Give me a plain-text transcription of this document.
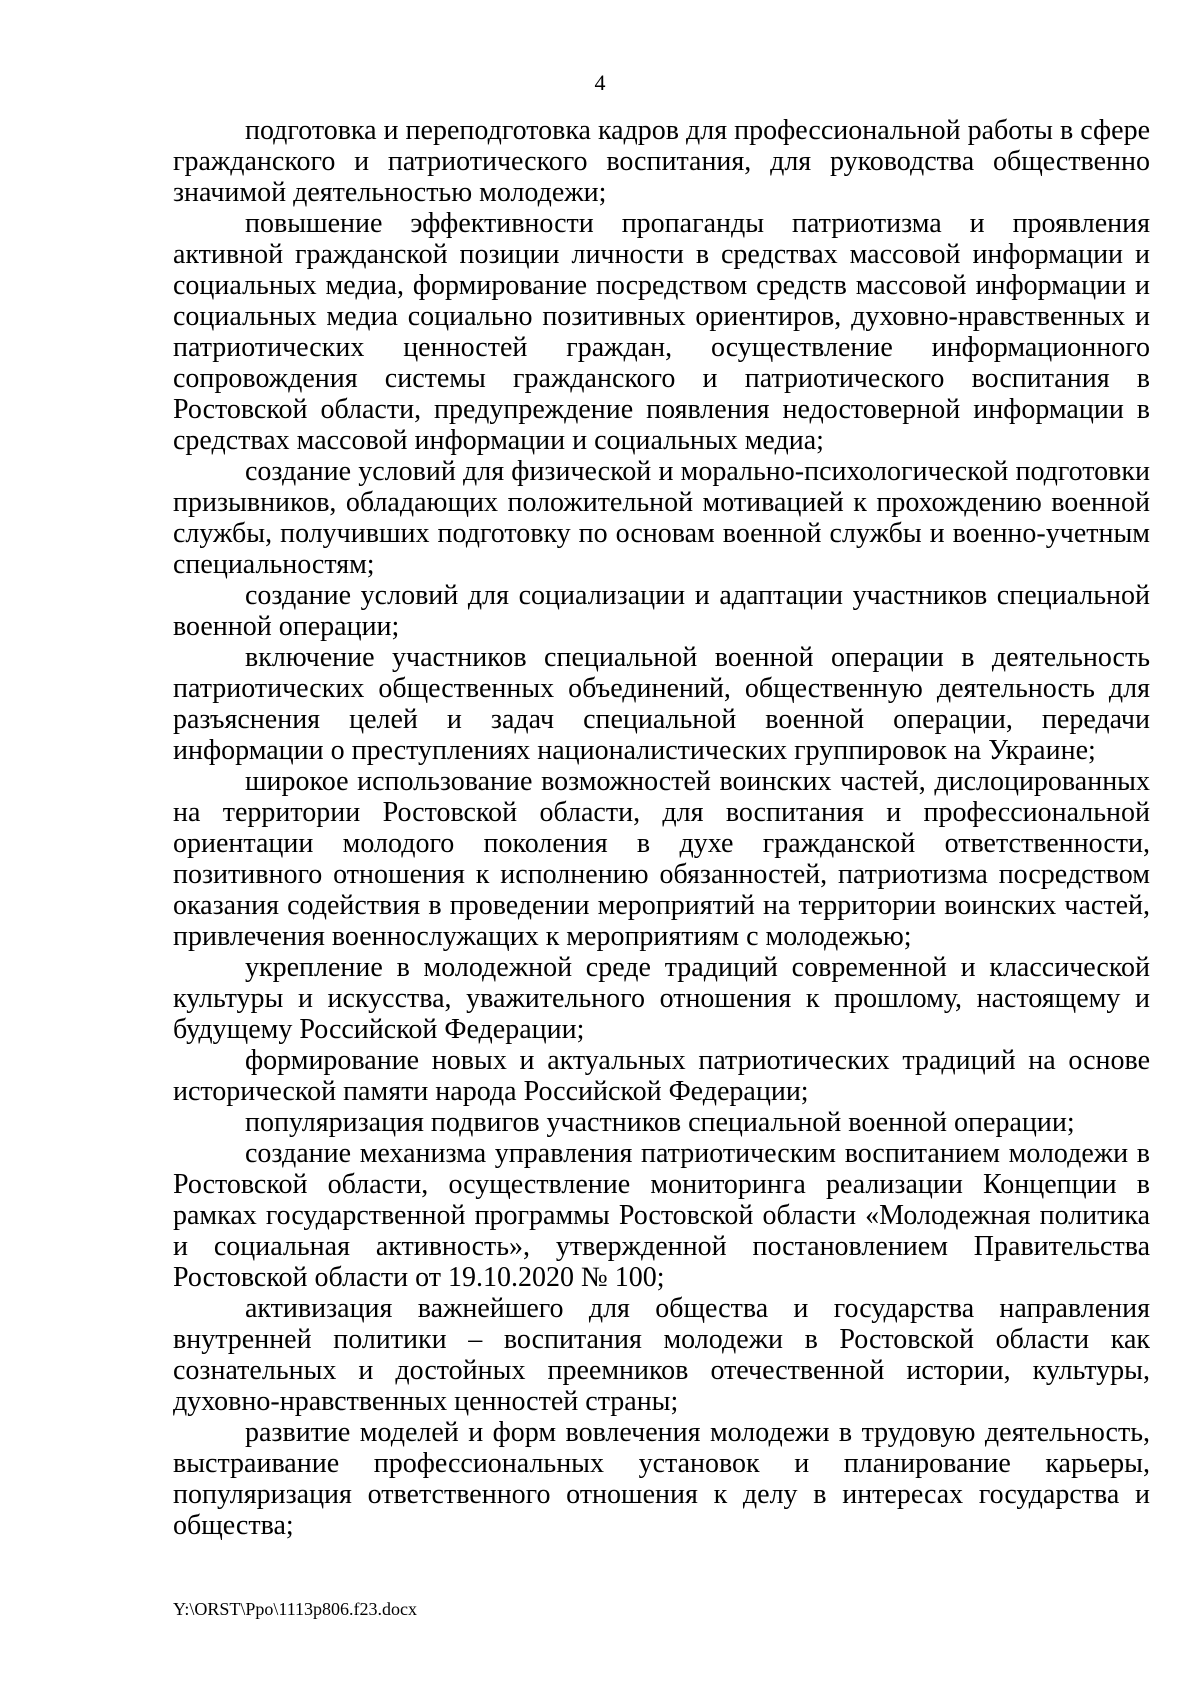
4

подготовка и переподготовка кадров для профессиональной работы в сфере гражданского и патриотического воспитания, для руководства общественно значимой деятельностью молодежи;

повышение эффективности пропаганды патриотизма и проявления активной гражданской позиции личности в средствах массовой информации и социальных медиа, формирование посредством средств массовой информации и социальных медиа социально позитивных ориентиров, духовно-нравственных и патриотических ценностей граждан, осуществление информационного сопровождения системы гражданского и патриотического воспитания в Ростовской области, предупреждение появления недостоверной информации в средствах массовой информации и социальных медиа;

создание условий для физической и морально-психологической подготовки призывников, обладающих положительной мотивацией к прохождению военной службы, получивших подготовку по основам военной службы и военно-учетным специальностям;

создание условий для социализации и адаптации участников специальной военной операции;

включение участников специальной военной операции в деятельность патриотических общественных объединений, общественную деятельность для разъяснения целей и задач специальной военной операции, передачи информации о преступлениях националистических группировок на Украине;

широкое использование возможностей воинских частей, дислоцированных на территории Ростовской области, для воспитания и профессиональной ориентации молодого поколения в духе гражданской ответственности, позитивного отношения к исполнению обязанностей, патриотизма посредством оказания содействия в проведении мероприятий на территории воинских частей, привлечения военнослужащих к мероприятиям с молодежью;

укрепление в молодежной среде традиций современной и классической культуры и искусства, уважительного отношения к прошлому, настоящему и будущему Российской Федерации;

формирование новых и актуальных патриотических традиций на основе исторической памяти народа Российской Федерации;

популяризация подвигов участников специальной военной операции;

создание механизма управления патриотическим воспитанием молодежи в Ростовской области, осуществление мониторинга реализации Концепции в рамках государственной программы Ростовской области «Молодежная политика и социальная активность», утвержденной постановлением Правительства Ростовской области от 19.10.2020 № 100;

активизация важнейшего для общества и государства направления внутренней политики – воспитания молодежи в Ростовской области как сознательных и достойных преемников отечественной истории, культуры, духовно-нравственных ценностей страны;

развитие моделей и форм вовлечения молодежи в трудовую деятельность, выстраивание профессиональных установок и планирование карьеры, популяризация ответственного отношения к делу в интересах государства и общества;

Y:\ORST\Ppo\1113p806.f23.docx
